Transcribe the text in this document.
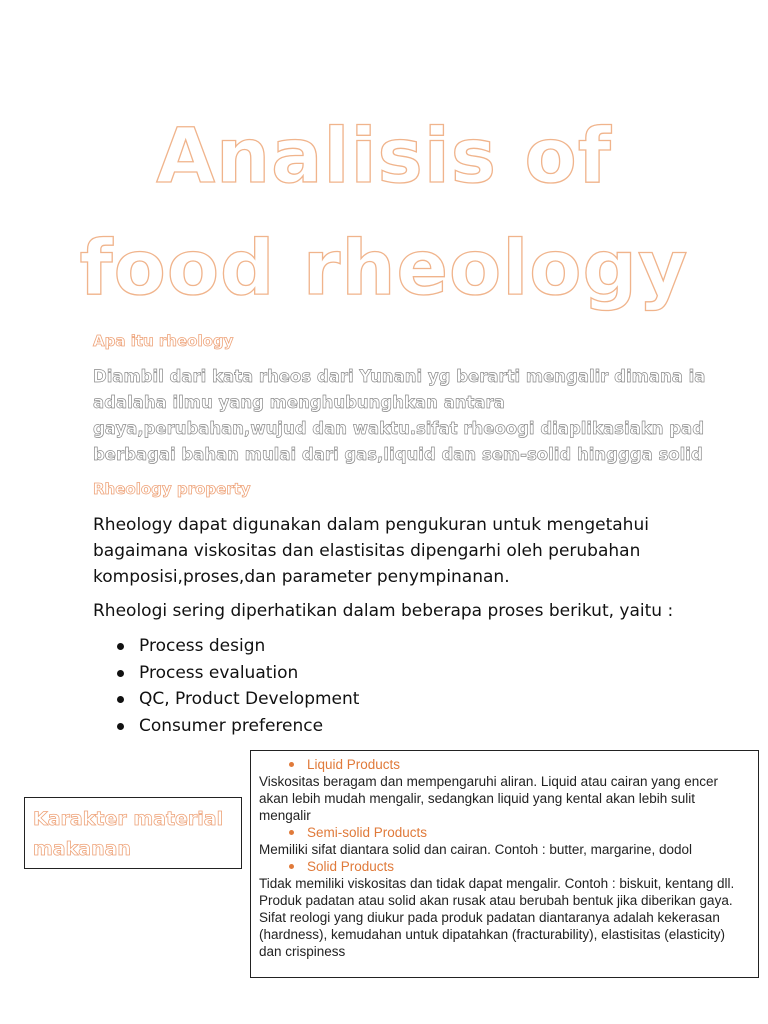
Analisis of
food rheology
Apa itu rheology
Diambil dari kata rheos dari Yunani yg berarti mengalir dimana ia adalaha ilmu yang menghubunghkan antara gaya,perubahan,wujud dan waktu.sifat rheoogi diaplikasiakn pad berbagai bahan mulai dari gas,liquid dan sem-solid hinggga solid
Rheology property
Rheology dapat digunakan dalam pengukuran untuk mengetahui bagaimana viskositas dan elastisitas dipengarhi oleh perubahan komposisi,proses,dan parameter penympinanan.
Rheologi sering diperhatikan dalam beberapa proses berikut, yaitu :
Process design
Process evaluation
QC, Product Development
Consumer preference
Karakter material makanan
Liquid Products
Viskositas beragam dan mempengaruhi aliran. Liquid atau cairan yang encer akan lebih mudah mengalir, sedangkan liquid yang kental akan lebih sulit mengalir
Semi-solid Products
Memiliki sifat diantara solid dan cairan. Contoh : butter, margarine, dodol
Solid Products
Tidak memiliki viskositas dan tidak dapat mengalir. Contoh : biskuit, kentang dll. Produk padatan atau solid akan rusak atau berubah bentuk jika diberikan gaya. Sifat reologi yang diukur pada produk padatan diantaranya adalah kekerasan (hardness), kemudahan untuk dipatahkan (fracturability), elastisitas (elasticity) dan crispiness
